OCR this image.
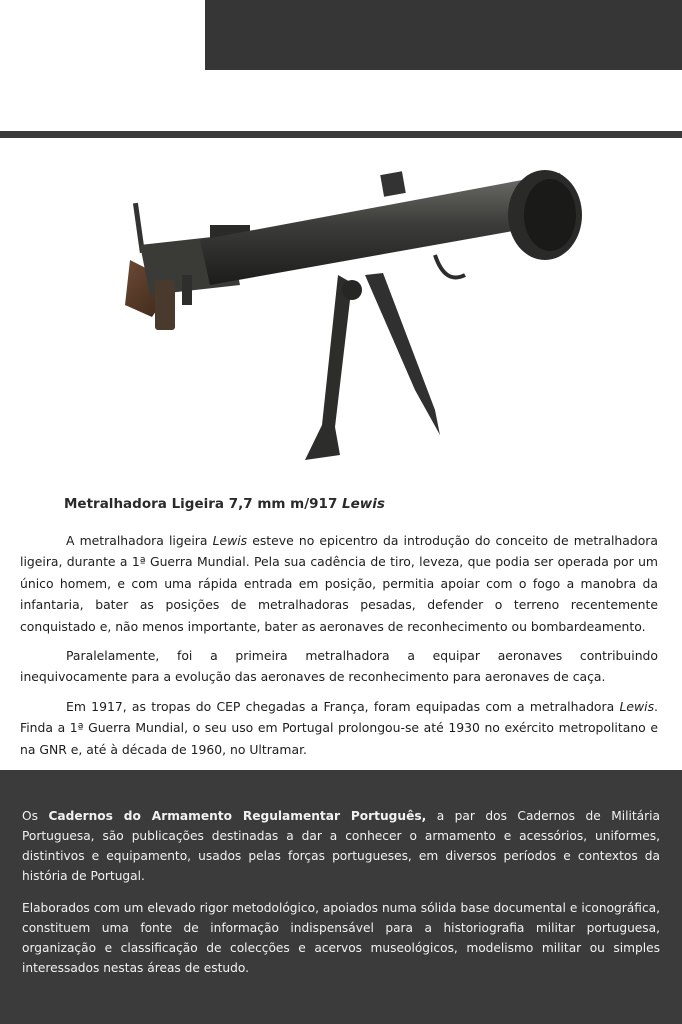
Metralhadora Ligeira 7,7 mm m/917 Lewis

A metralhadora ligeira Lewis esteve no epicentro da introdução do conceito de metralhadora ligeira, durante a 1ª Guerra Mundial. Pela sua cadência de tiro, leveza, que podia ser operada por um único homem, e com uma rápida entrada em posição, permitia apoiar com o fogo a manobra da infantaria, bater as posições de metralhadoras pesadas, defender o terreno recentemente conquistado e, não menos importante, bater as aeronaves de reconhecimento ou bombardeamento.

Paralelamente, foi a primeira metralhadora a equipar aeronaves contribuindo inequivocamente para a evolução das aeronaves de reconhecimento para aeronaves de caça.

Em 1917, as tropas do CEP chegadas a França, foram equipadas com a metralhadora Lewis. Finda a 1ª Guerra Mundial, o seu uso em Portugal prolongou-se até 1930 no exército metropolitano e na GNR e, até à década de 1960, no Ultramar.

Os Cadernos do Armamento Regulamentar Português, a par dos Cadernos de Militária Portuguesa, são publicações destinadas a dar a conhecer o armamento e acessórios, uniformes, distintivos e equipamento, usados pelas forças portugueses, em diversos períodos e contextos da história de Portugal.

Elaborados com um elevado rigor metodológico, apoiados numa sólida base documental e iconográfica, constituem uma fonte de informação indispensável para a historiografia militar portuguesa, organização e classificação de colecções e acervos museológicos, modelismo militar ou simples interessados nestas áreas de estudo.
